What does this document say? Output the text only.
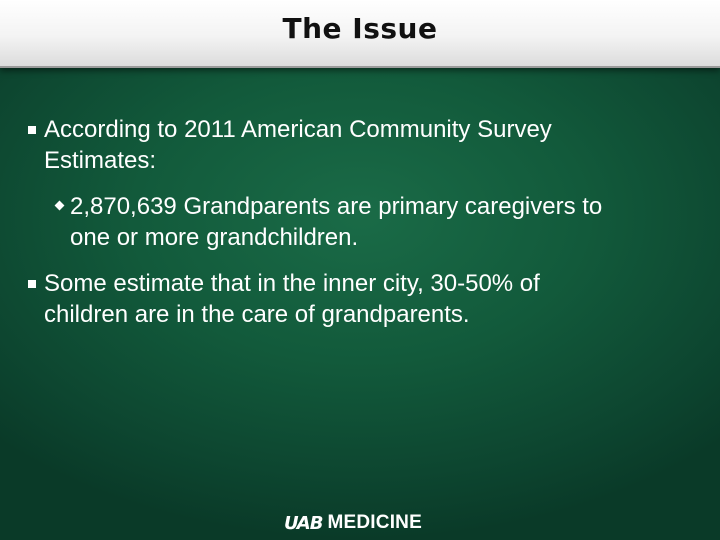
The Issue
According to 2011 American Community Survey
Estimates:
2,870,639 Grandparents are primary caregivers to
one or more grandchildren.
Some estimate that in the inner city, 30-50% of
children are in the care of grandparents.
UAB MEDICINE
